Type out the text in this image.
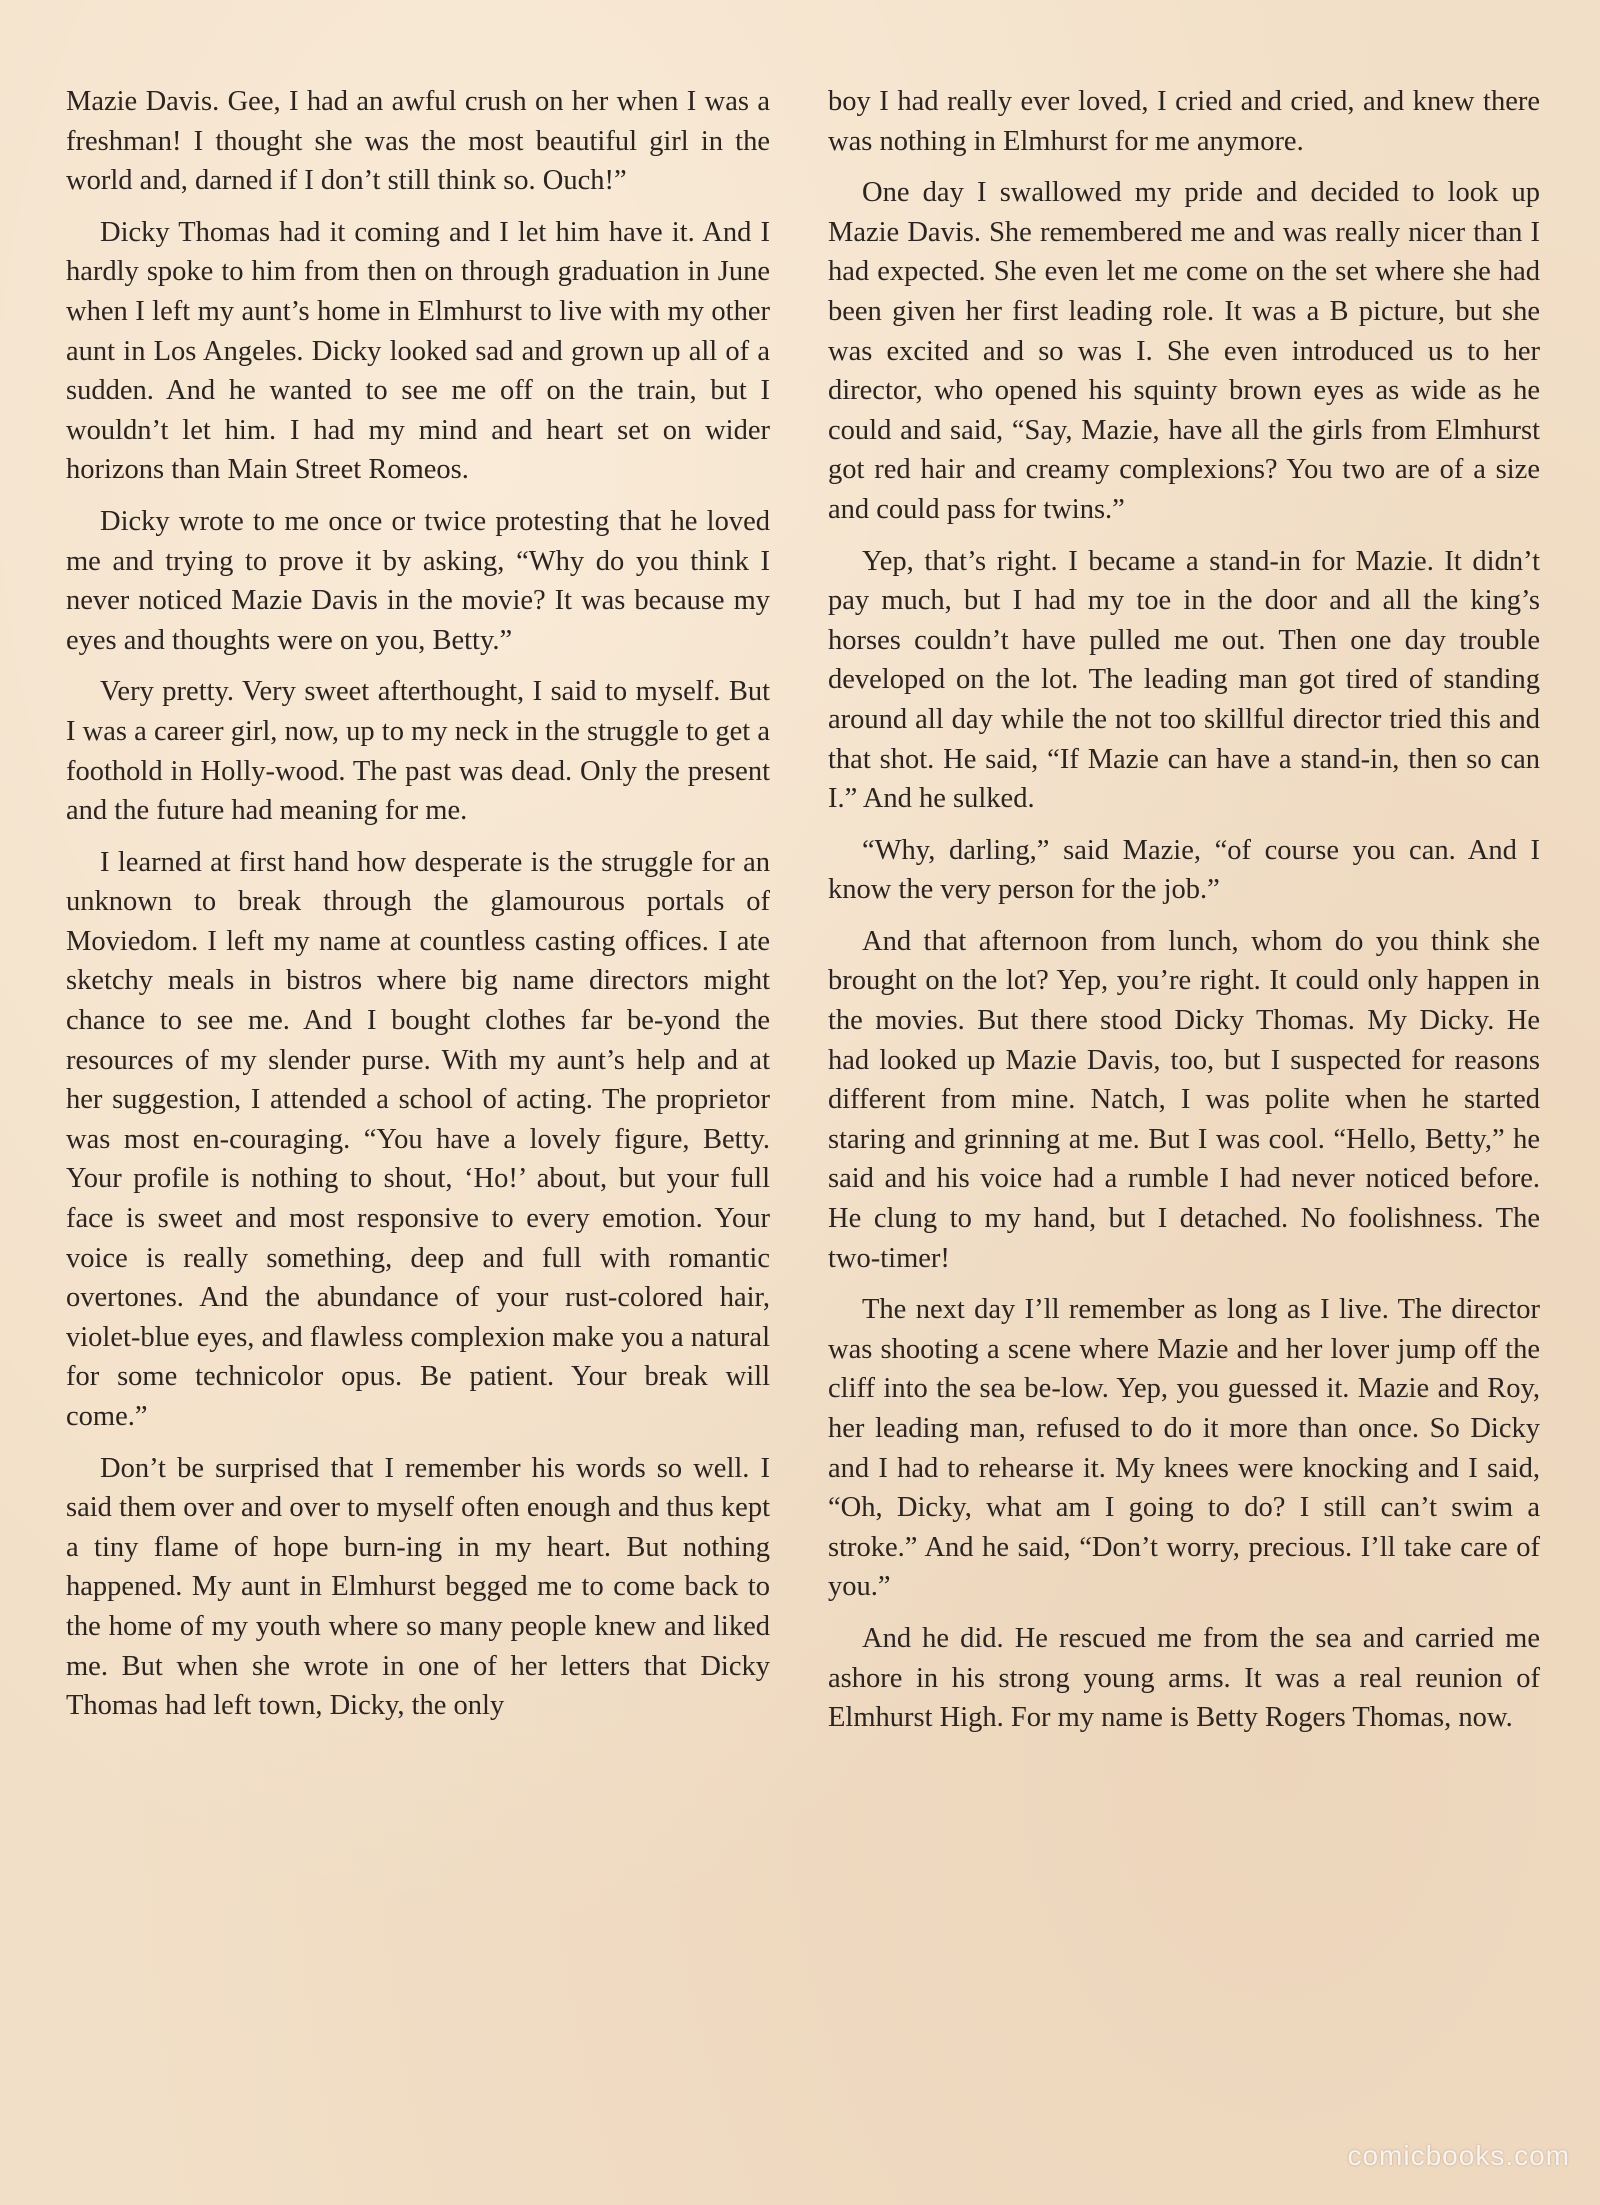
Mazie Davis. Gee, I had an awful crush on her when I was a freshman! I thought she was the most beautiful girl in the world and, darned if I don’t still think so. Ouch!”

Dicky Thomas had it coming and I let him have it. And I hardly spoke to him from then on through graduation in June when I left my aunt’s home in Elmhurst to live with my other aunt in Los Angeles. Dicky looked sad and grown up all of a sudden. And he wanted to see me off on the train, but I wouldn’t let him. I had my mind and heart set on wider horizons than Main Street Romeos.

Dicky wrote to me once or twice protesting that he loved me and trying to prove it by asking, “Why do you think I never noticed Mazie Davis in the movie? It was because my eyes and thoughts were on you, Betty.”

Very pretty. Very sweet afterthought, I said to myself. But I was a career girl, now, up to my neck in the struggle to get a foothold in Holly-wood. The past was dead. Only the present and the future had meaning for me.

I learned at first hand how desperate is the struggle for an unknown to break through the glamourous portals of Moviedom. I left my name at countless casting offices. I ate sketchy meals in bistros where big name directors might chance to see me. And I bought clothes far be-yond the resources of my slender purse. With my aunt’s help and at her suggestion, I attended a school of acting. The proprietor was most en-couraging. “You have a lovely figure, Betty. Your profile is nothing to shout, ‘Ho!’ about, but your full face is sweet and most responsive to every emotion. Your voice is really something, deep and full with romantic overtones. And the abundance of your rust-colored hair, violet-blue eyes, and flawless complexion make you a natural for some technicolor opus. Be patient. Your break will come.”

Don’t be surprised that I remember his words so well. I said them over and over to myself often enough and thus kept a tiny flame of hope burn-ing in my heart. But nothing happened. My aunt in Elmhurst begged me to come back to the home of my youth where so many people knew and liked me. But when she wrote in one of her letters that Dicky Thomas had left town, Dicky, the only

boy I had really ever loved, I cried and cried, and knew there was nothing in Elmhurst for me anymore.

One day I swallowed my pride and decided to look up Mazie Davis. She remembered me and was really nicer than I had expected. She even let me come on the set where she had been given her first leading role. It was a B picture, but she was excited and so was I. She even introduced us to her director, who opened his squinty brown eyes as wide as he could and said, “Say, Mazie, have all the girls from Elmhurst got red hair and creamy complexions? You two are of a size and could pass for twins.”

Yep, that’s right. I became a stand-in for Mazie. It didn’t pay much, but I had my toe in the door and all the king’s horses couldn’t have pulled me out. Then one day trouble developed on the lot. The leading man got tired of standing around all day while the not too skillful director tried this and that shot. He said, “If Mazie can have a stand-in, then so can I.” And he sulked.

“Why, darling,” said Mazie, “of course you can. And I know the very person for the job.”

And that afternoon from lunch, whom do you think she brought on the lot? Yep, you’re right. It could only happen in the movies. But there stood Dicky Thomas. My Dicky. He had looked up Mazie Davis, too, but I suspected for reasons different from mine. Natch, I was polite when he started staring and grinning at me. But I was cool. “Hello, Betty,” he said and his voice had a rumble I had never noticed before. He clung to my hand, but I detached. No foolishness. The two-timer!

The next day I’ll remember as long as I live. The director was shooting a scene where Mazie and her lover jump off the cliff into the sea be-low. Yep, you guessed it. Mazie and Roy, her leading man, refused to do it more than once. So Dicky and I had to rehearse it. My knees were knocking and I said, “Oh, Dicky, what am I going to do? I still can’t swim a stroke.” And he said, “Don’t worry, precious. I’ll take care of you.”

And he did. He rescued me from the sea and carried me ashore in his strong young arms. It was a real reunion of Elmhurst High. For my name is Betty Rogers Thomas, now.

comicbooks.com
